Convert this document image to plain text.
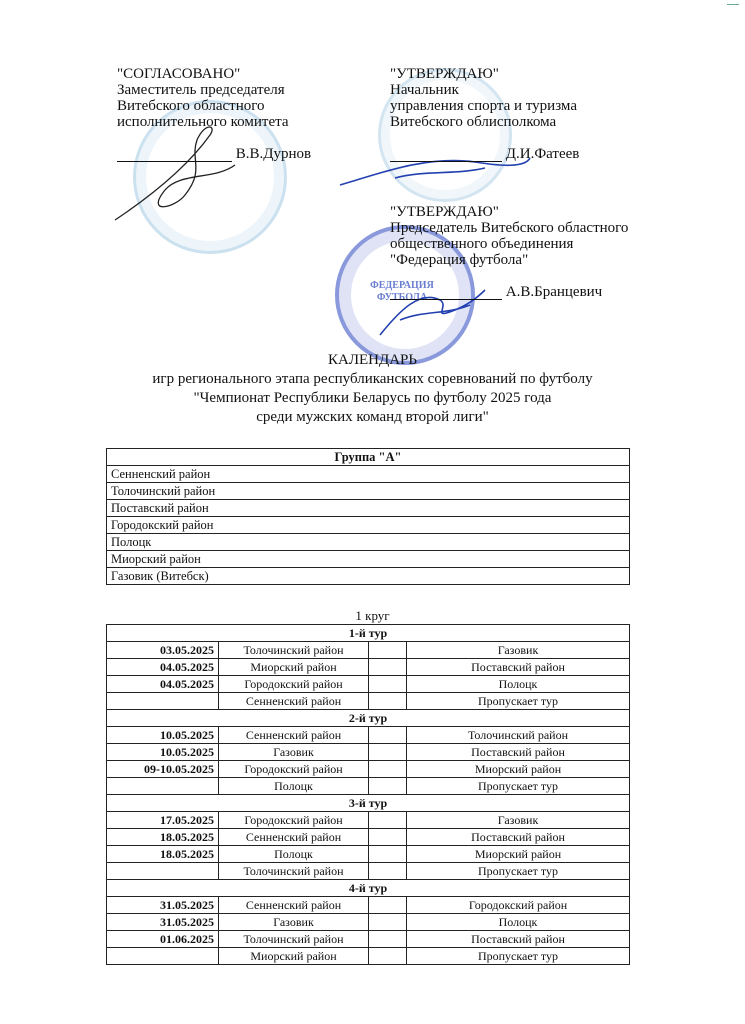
ФЕДЕРАЦИЯ ФУТБОЛА
"СОГЛАСОВАНО"
Заместитель председателя
Витебского областного
исполнительного комитета
В.В.Дурнов
"УТВЕРЖДАЮ"
Начальник
управления спорта и туризма
Витебского облисполкома
Д.И.Фатеев
"УТВЕРЖДАЮ"
Председатель Витебского областного
общественного объединения
"Федерация футбола"
А.В.Бранцевич
КАЛЕНДАРЬ
игр регионального этапа республиканских соревнований по футболу
"Чемпионат Республики Беларусь по футболу 2025 года
среди мужских команд второй лиги"
Группа "А"
Сенненский район
Толочинский район
Поставский район
Городокский район
Полоцк
Миорский район
Газовик (Витебск)
1 круг
1-й тур			
03.05.2025	Толочинский район		Газовик
04.05.2025	Миорский район		Поставский район
04.05.2025	Городокский район		Полоцк
	Сенненский район		Пропускает тур
2-й тур			
10.05.2025	Сенненский район		Толочинский район
10.05.2025	Газовик		Поставский район
09-10.05.2025	Городокский район		Миорский район
	Полоцк		Пропускает тур
3-й тур			
17.05.2025	Городокский район		Газовик
18.05.2025	Сенненский район		Поставский район
18.05.2025	Полоцк		Миорский район
	Толочинский район		Пропускает тур
4-й тур			
31.05.2025	Сенненский район		Городокский район
31.05.2025	Газовик		Полоцк
01.06.2025	Толочинский район		Поставский район
	Миорский район		Пропускает тур
